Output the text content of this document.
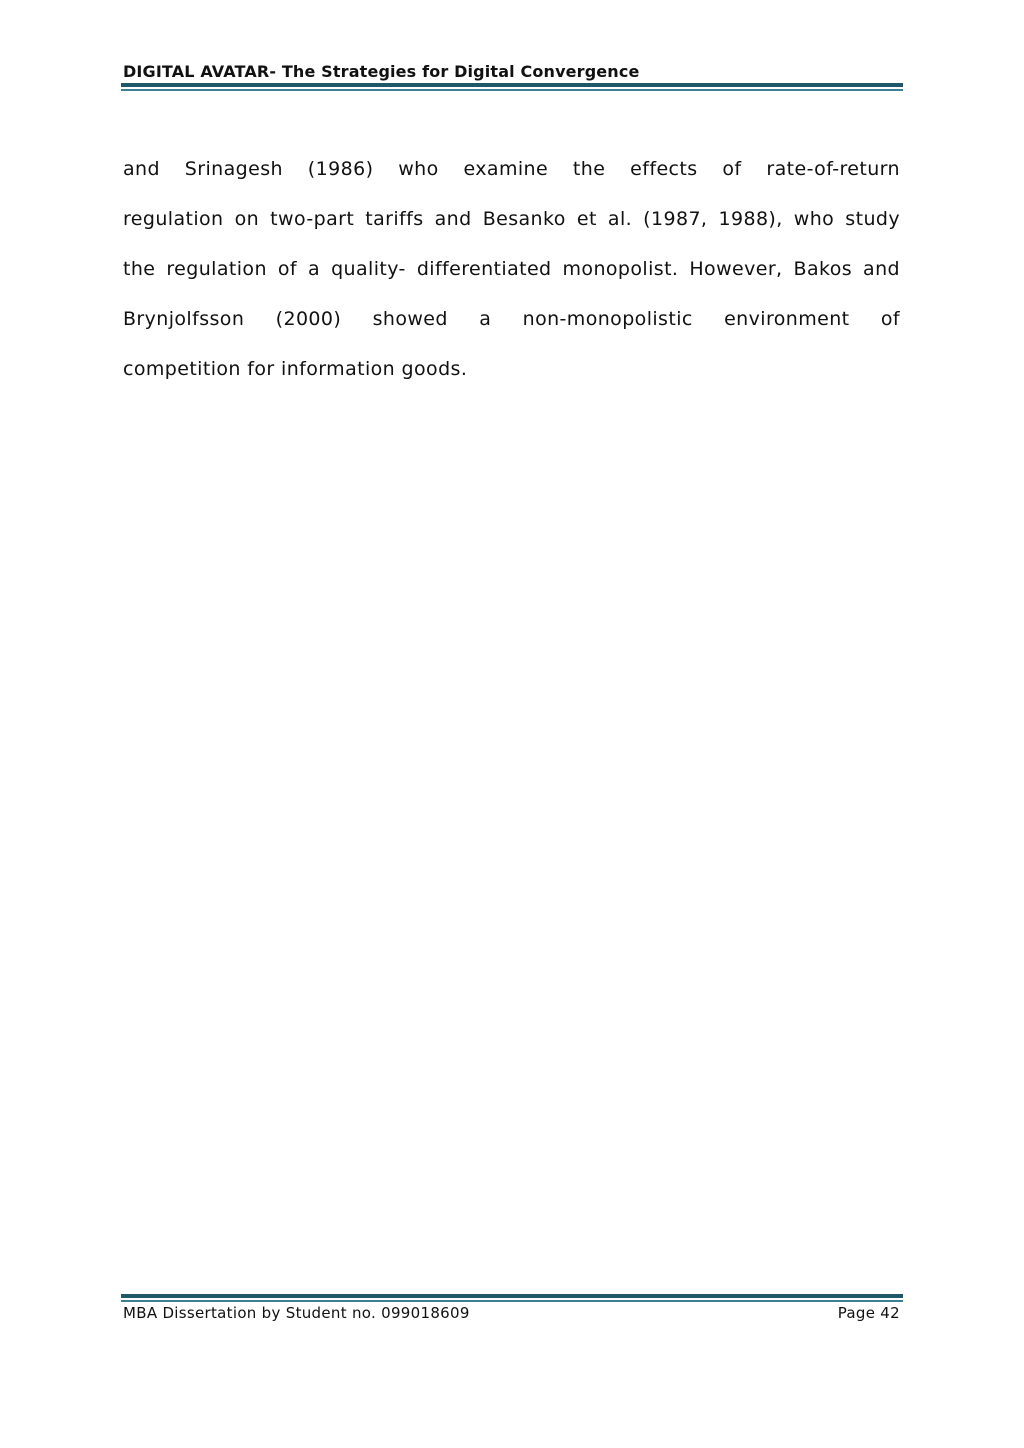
DIGITAL AVATAR- The Strategies for Digital Convergence
and Srinagesh (1986) who examine the effects of rate-of-return
regulation on two-part tariffs and Besanko et al. (1987, 1988), who study
the regulation of a quality- differentiated monopolist. However, Bakos and
Brynjolfsson (2000) showed a non-monopolistic environment of
competition for information goods.
MBA Dissertation by Student no. 099018609	Page 42
